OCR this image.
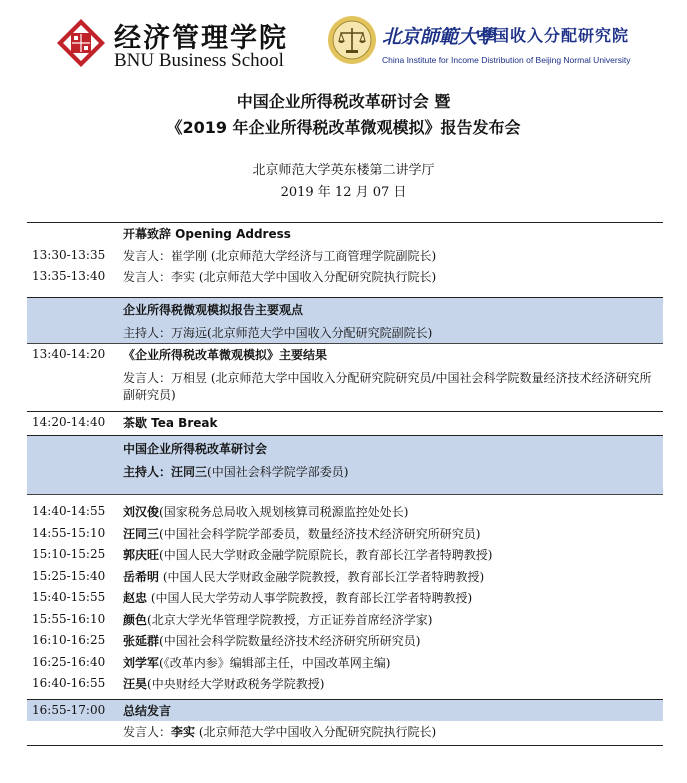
经济管理学院
BNU Business School
北京師範大學
中国收入分配研究院
China Institute for Income Distribution of Beijing Normal University
中国企业所得税改革研讨会 暨
《2019 年企业所得税改革微观模拟》报告发布会
北京师范大学英东楼第二讲学厅
2019 年 12 月 07 日
开幕致辞 Opening Address
13:30-13:35 发言人：崔学刚 (北京师范大学经济与工商管理学院副院长)
13:35-13:40 发言人：李实 (北京师范大学中国收入分配研究院执行院长)
企业所得税微观模拟报告主要观点
主持人：万海远(北京师范大学中国收入分配研究院副院长)
13:40-14:20 《企业所得税改革微观模拟》主要结果
发言人：万相昱 (北京师范大学中国收入分配研究院研究员/中国社会科学院数量经济技术经济研究所副研究员)
14:20-14:40 茶歇 Tea Break
中国企业所得税改革研讨会
主持人：汪同三(中国社会科学院学部委员)
14:40-14:55 刘汉俊(国家税务总局收入规划核算司税源监控处处长)
14:55-15:10 汪同三(中国社会科学院学部委员，数量经济技术经济研究所研究员)
15:10-15:25 郭庆旺(中国人民大学财政金融学院原院长，教育部长江学者特聘教授)
15:25-15:40 岳希明 (中国人民大学财政金融学院教授，教育部长江学者特聘教授)
15:40-15:55 赵忠 (中国人民大学劳动人事学院教授，教育部长江学者特聘教授)
15:55-16:10 颜色(北京大学光华管理学院教授，方正证券首席经济学家)
16:10-16:25 张延群(中国社会科学院数量经济技术经济研究所研究员)
16:25-16:40 刘学军(《改革内参》编辑部主任，中国改革网主编)
16:40-16:55 汪昊(中央财经大学财政税务学院教授)
16:55-17:00 总结发言
发言人：李实 (北京师范大学中国收入分配研究院执行院长)
